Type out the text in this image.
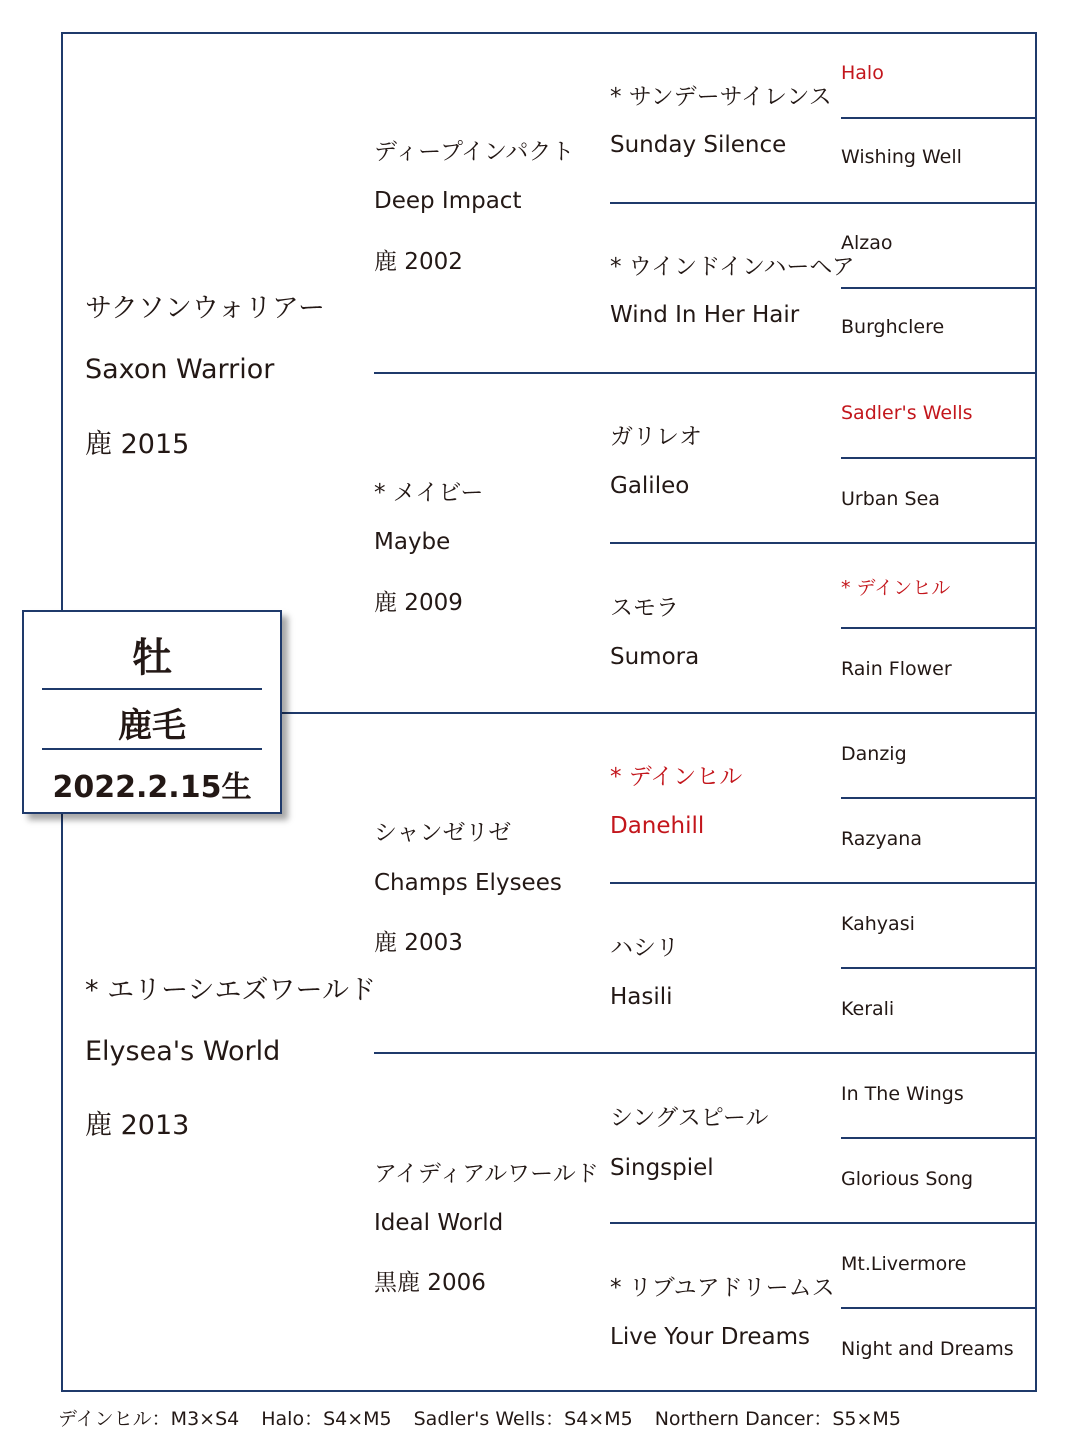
サクソンウォリアー
Saxon Warrior
鹿 2015
* エリーシエズワールド
Elysea's World
鹿 2013
ディープインパクト
Deep Impact
鹿 2002
* メイビー
Maybe
鹿 2009
シャンゼリゼ
Champs Elysees
鹿 2003
アイディアルワールド
Ideal World
黒鹿 2006
* サンデーサイレンス
Sunday Silence
* ウインドインハーヘア
Wind In Her Hair
ガリレオ
Galileo
スモラ
Sumora
* デインヒル
Danehill
ハシリ
Hasili
シングスピール
Singspiel
* リブユアドリームス
Live Your Dreams
Halo
Wishing Well
Alzao
Burghclere
Sadler's Wells
Urban Sea
* デインヒル
Rain Flower
Danzig
Razyana
Kahyasi
Kerali
In The Wings
Glorious Song
Mt.Livermore
Night and Dreams
牡
鹿毛
2022.2.15生
デインヒル：M3×S4 Halo：S4×M5 Sadler's Wells：S4×M5 Northern Dancer：S5×M5
